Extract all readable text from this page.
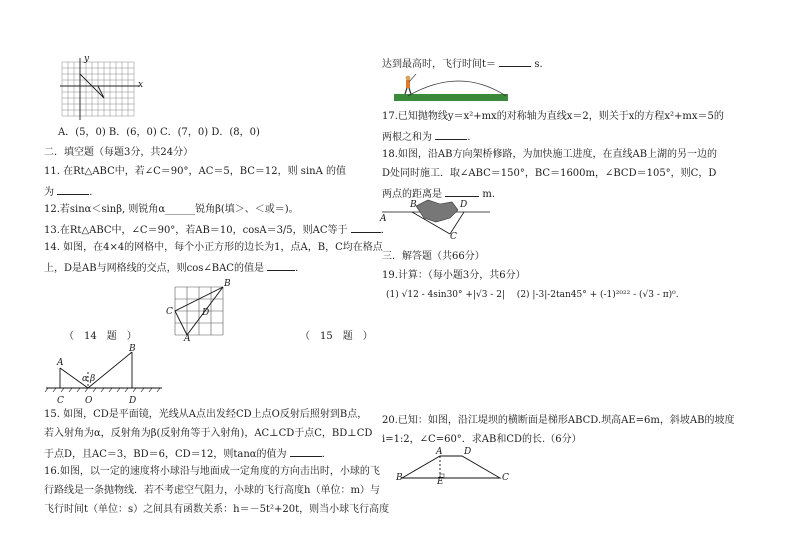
x
y
A．(5，0) B．(6，0) C．(7，0) D．(8，0)
二．填空题（每题3分，共24分）
11. 在Rt△ABC中，若∠C＝90°，AC＝5，BC＝12，则 sinA 的值
为	．
12.若sinα＜sinβ, 则锐角α______锐角β(填＞、＜或＝)。
13.在Rt△ABC中，∠C＝90°，若AB＝10，cosA＝3/5，则AC等于	．
14. 如图，在4×4的网格中，每个小正方形的边长为1，点A，B，C均在格点
上，D是AB与网格线的交点，则cos∠BAC的值是	．
B
C	D
A
（　14　题　）	（　15　题　）
A
B
α β
C O	D
15. 如图，CD是平面镜，光线从A点出发经CD上点O反射后照射到B点，
若入射角为α，反射角为β(反射角等于入射角)，AC⊥CD于点C，BD⊥CD
于点D，且AC＝3，BD＝6，CD＝12，则tanα的值为	．
16.如图，以一定的速度将小球沿与地面成一定角度的方向击出时，小球的飞
行路线是一条抛物线．若不考虑空气阻力，小球的飞行高度h（单位：m）与
飞行时间t（单位：s）之间具有函数关系：h＝－5t²+20t，则当小球飞行高度
达到最高时，飞行时间t＝	s.
17.已知抛物线y＝x²+mx的对称轴为直线x＝2，则关于x的方程x²+mx＝5的
两根之和为	．
18.如图，沿AB方向架桥修路，为加快施工进度，在直线AB上湖的另一边的
D处同时施工．取∠ABC＝150°，BC＝1600m，∠BCD＝105°，则C，D
两点的距离是	m.
A
B	D
C
三．解答题（共66分）
19.计算：（每小题3分，共6分）
(1) √12 - 4sin30° +|√3 - 2|　 (2) |-3|-2tan45° + (-1)²⁰²² - (√3 - π)⁰.
20.已知：如图，沿江堤坝的横断面是梯形ABCD.坝高AE=6m，斜坡AB的坡度
i=1:2，∠C=60°．求AB和CD的长.（6分）
A D
B	E	C
